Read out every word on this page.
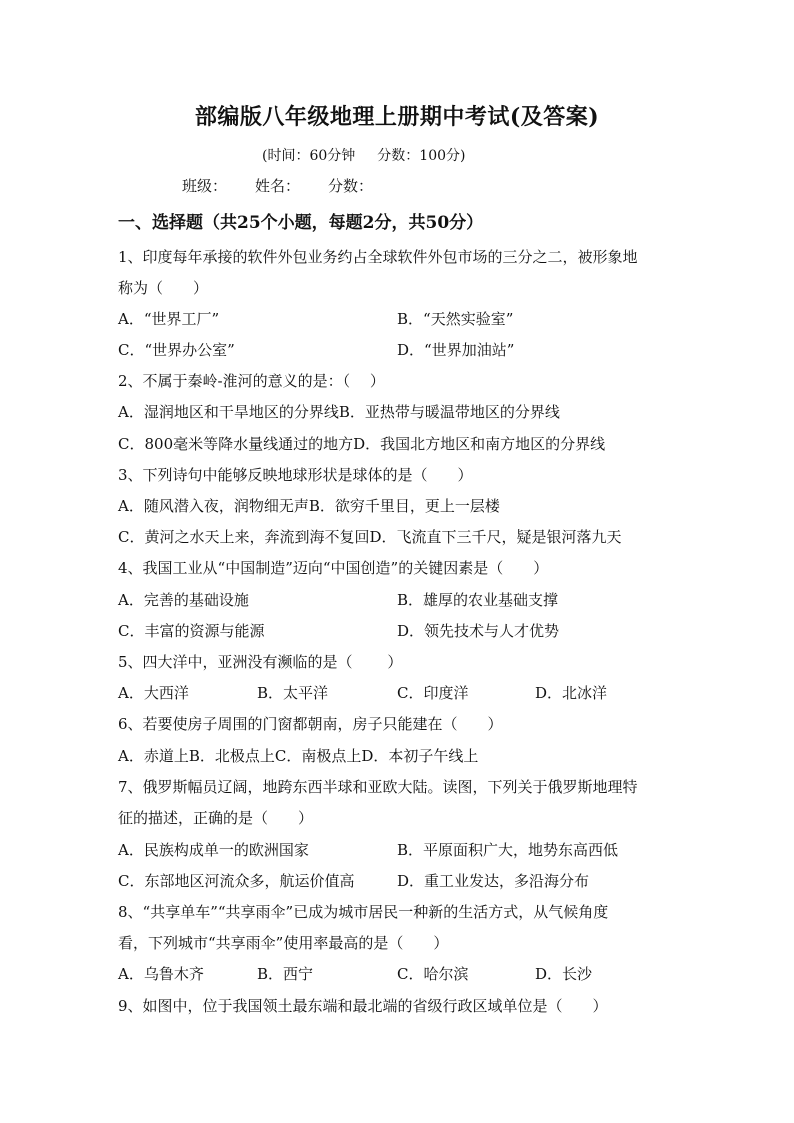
部编版八年级地理上册期中考试(及答案)
(时间：60分钟 分数：100分)
班级： 姓名： 分数：
一、选择题（共25个小题，每题2分，共50分）
1、印度每年承接的软件外包业务约占全球软件外包市场的三分之二，被形象地
称为（　　）
A．“世界工厂”	B．“天然实验室”
C．“世界办公室”	D．“世界加油站”
2、不属于秦岭-淮河的意义的是：（　 ）
A．湿润地区和干旱地区的分界线B．亚热带与暖温带地区的分界线
C．800毫米等降水量线通过的地方D．我国北方地区和南方地区的分界线
3、下列诗句中能够反映地球形状是球体的是（　　）
A．随风潜入夜，润物细无声B．欲穷千里目，更上一层楼
C．黄河之水天上来，奔流到海不复回D．飞流直下三千尺，疑是银河落九天
4、我国工业从“中国制造”迈向“中国创造”的关键因素是（　　）
A．完善的基础设施	B．雄厚的农业基础支撑
C．丰富的资源与能源	D．领先技术与人才优势
5、四大洋中，亚洲没有濒临的是（　　 ）
A．大西洋	B．太平洋	C．印度洋	D．北冰洋
6、若要使房子周围的门窗都朝南，房子只能建在（　　）
A．赤道上B．北极点上C．南极点上D．本初子午线上
7、俄罗斯幅员辽阔，地跨东西半球和亚欧大陆。读图，下列关于俄罗斯地理特
征的描述，正确的是（　　）
A．民族构成单一的欧洲国家	B．平原面积广大，地势东高西低
C．东部地区河流众多，航运价值高	D．重工业发达，多沿海分布
8、“共享单车”“共享雨伞”已成为城市居民一种新的生活方式，从气候角度
看，下列城市“共享雨伞”使用率最高的是（　　）
A．乌鲁木齐	B．西宁	C．哈尔滨	D．长沙
9、如图中，位于我国领土最东端和最北端的省级行政区域单位是（　　）
